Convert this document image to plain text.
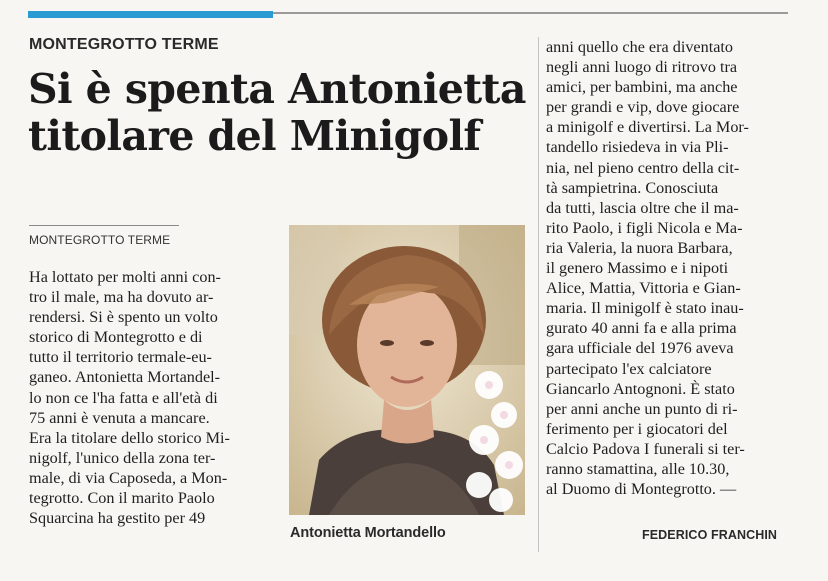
MONTEGROTTO TERME
Si è spenta Antonietta
titolare del Minigolf
MONTEGROTTO TERME
Ha lottato per molti anni con-
tro il male, ma ha dovuto ar-
rendersi. Si è spento un volto
storico di Montegrotto e di
tutto il territorio termale-eu-
ganeo. Antonietta Mortandel-
lo non ce l'ha fatta e all'età di
75 anni è venuta a mancare.
Era la titolare dello storico Mi-
nigolf, l'unico della zona ter-
male, di via Caposeda, a Mon-
tegrotto. Con il marito Paolo
Squarcina ha gestito per 49
Antonietta Mortandello
anni quello che era diventato
negli anni luogo di ritrovo tra
amici, per bambini, ma anche
per grandi e vip, dove giocare
a minigolf e divertirsi. La Mor-
tandello risiedeva in via Pli-
nia, nel pieno centro della cit-
tà sampietrina. Conosciuta
da tutti, lascia oltre che il ma-
rito Paolo, i figli Nicola e Ma-
ria Valeria, la nuora Barbara,
il genero Massimo e i nipoti
Alice, Mattia, Vittoria e Gian-
maria. Il minigolf è stato inau-
gurato 40 anni fa e alla prima
gara ufficiale del 1976 aveva
partecipato l'ex calciatore
Giancarlo Antognoni. È stato
per anni anche un punto di ri-
ferimento per i giocatori del
Calcio Padova I funerali si ter-
ranno stamattina, alle 10.30,
al Duomo di Montegrotto. —
FEDERICO FRANCHIN
